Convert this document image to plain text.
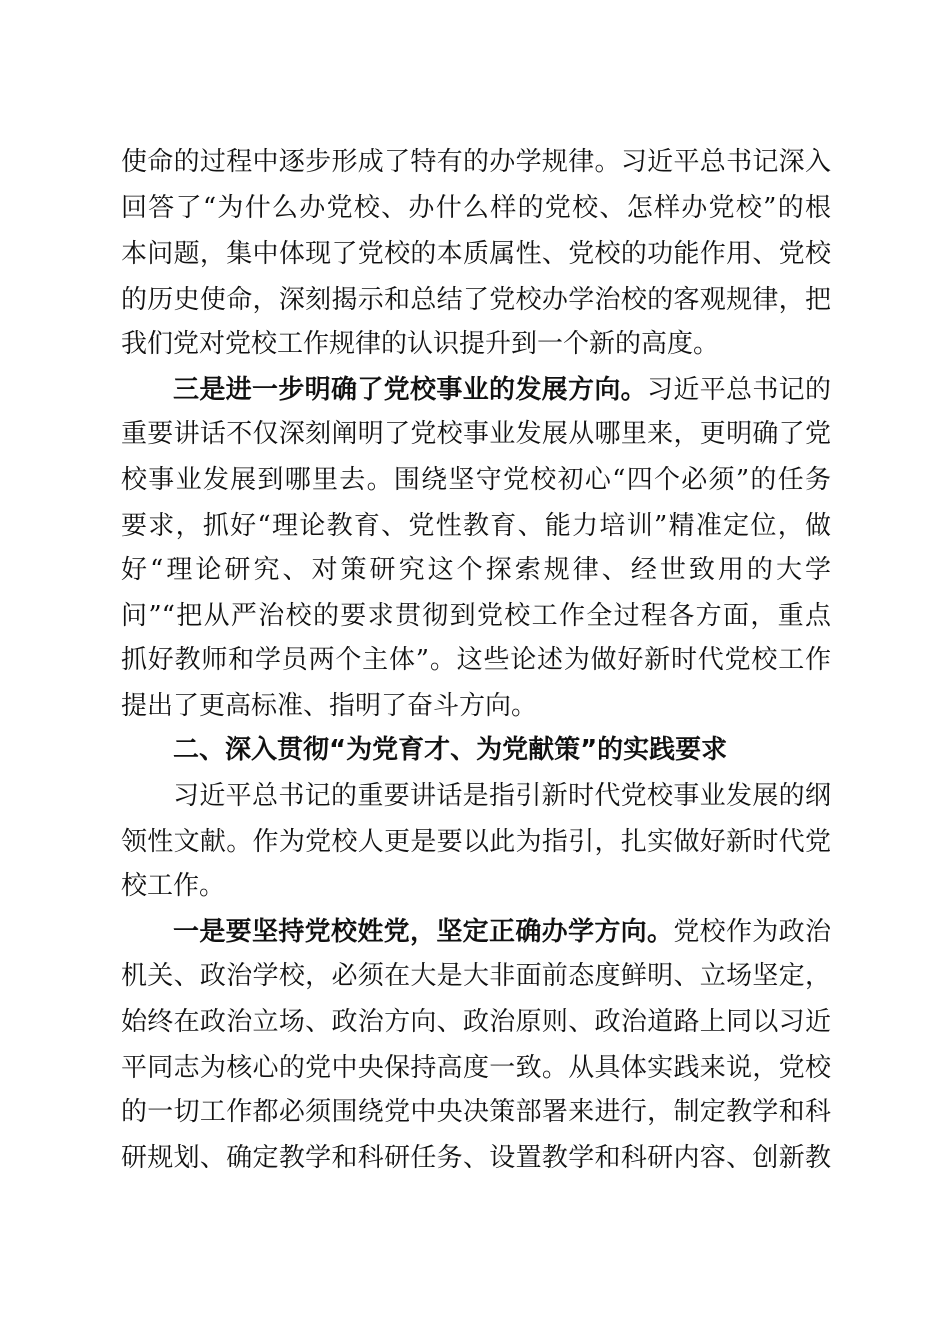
使命的过程中逐步形成了特有的办学规律。习近平总书记深入
回答了“为什么办党校、办什么样的党校、怎样办党校”的根
本问题，集中体现了党校的本质属性、党校的功能作用、党校
的历史使命，深刻揭示和总结了党校办学治校的客观规律，把
我们党对党校工作规律的认识提升到一个新的高度。
三是进一步明确了党校事业的发展方向。习近平总书记的
重要讲话不仅深刻阐明了党校事业发展从哪里来，更明确了党
校事业发展到哪里去。围绕坚守党校初心“四个必须”的任务
要求，抓好“理论教育、党性教育、能力培训”精准定位，做
好“理论研究、对策研究这个探索规律、经世致用的大学
问”“把从严治校的要求贯彻到党校工作全过程各方面，重点
抓好教师和学员两个主体”。这些论述为做好新时代党校工作
提出了更高标准、指明了奋斗方向。
二、深入贯彻“为党育才、为党献策”的实践要求
习近平总书记的重要讲话是指引新时代党校事业发展的纲
领性文献。作为党校人更是要以此为指引，扎实做好新时代党
校工作。
一是要坚持党校姓党，坚定正确办学方向。党校作为政治
机关、政治学校，必须在大是大非面前态度鲜明、立场坚定，
始终在政治立场、政治方向、政治原则、政治道路上同以习近
平同志为核心的党中央保持高度一致。从具体实践来说，党校
的一切工作都必须围绕党中央决策部署来进行，制定教学和科
研规划、确定教学和科研任务、设置教学和科研内容、创新教
